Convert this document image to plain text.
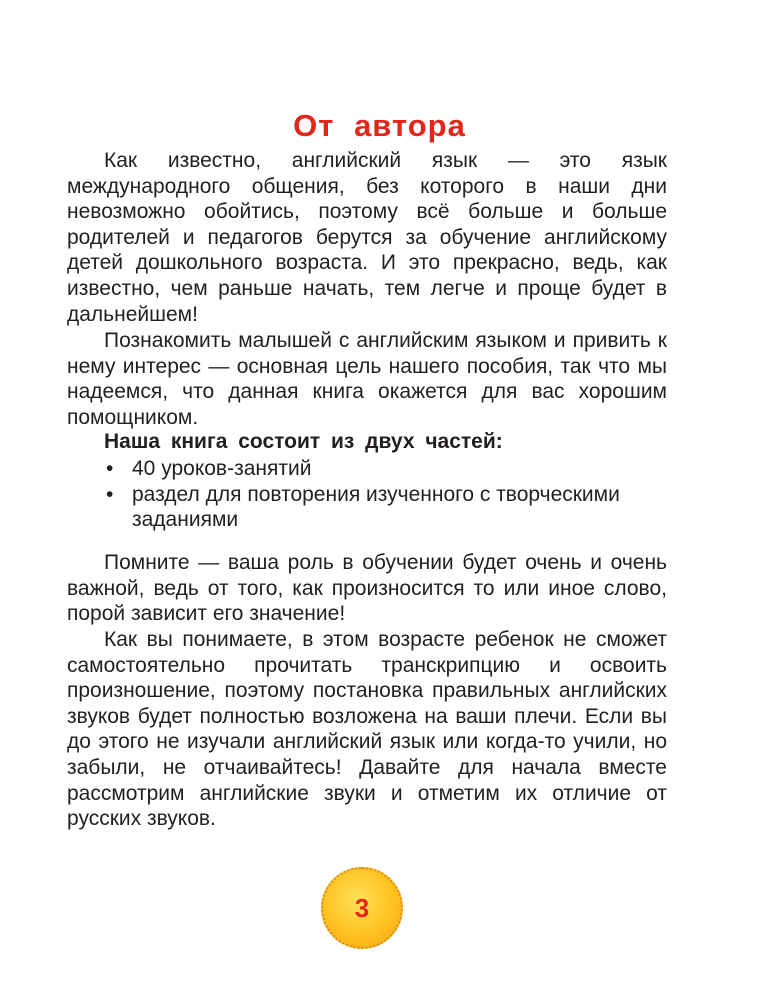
От автора

Как известно, английский язык — это язык международного общения, без которого в наши дни невозможно обойтись, поэтому всё больше и больше родителей и педагогов берутся за обучение английскому детей дошкольного возраста. И это прекрасно, ведь, как известно, чем раньше начать, тем легче и проще будет в дальнейшем!

Познакомить малышей с английским языком и привить к нему интерес — основная цель нашего пособия, так что мы надеемся, что данная книга окажется для вас хорошим помощником.

Наша книга состоит из двух частей:
• 40 уроков-занятий
• раздел для повторения изученного с творческими заданиями

Помните — ваша роль в обучении будет очень и очень важной, ведь от того, как произносится то или иное слово, порой зависит его значение!

Как вы понимаете, в этом возрасте ребенок не сможет самостоятельно прочитать транскрипцию и освоить произношение, поэтому постановка правильных английских звуков будет полностью возложена на ваши плечи. Если вы до этого не изучали английский язык или когда-то учили, но забыли, не отчаивайтесь! Давайте для начала вместе рассмотрим английские звуки и отметим их отличие от русских звуков.

3
